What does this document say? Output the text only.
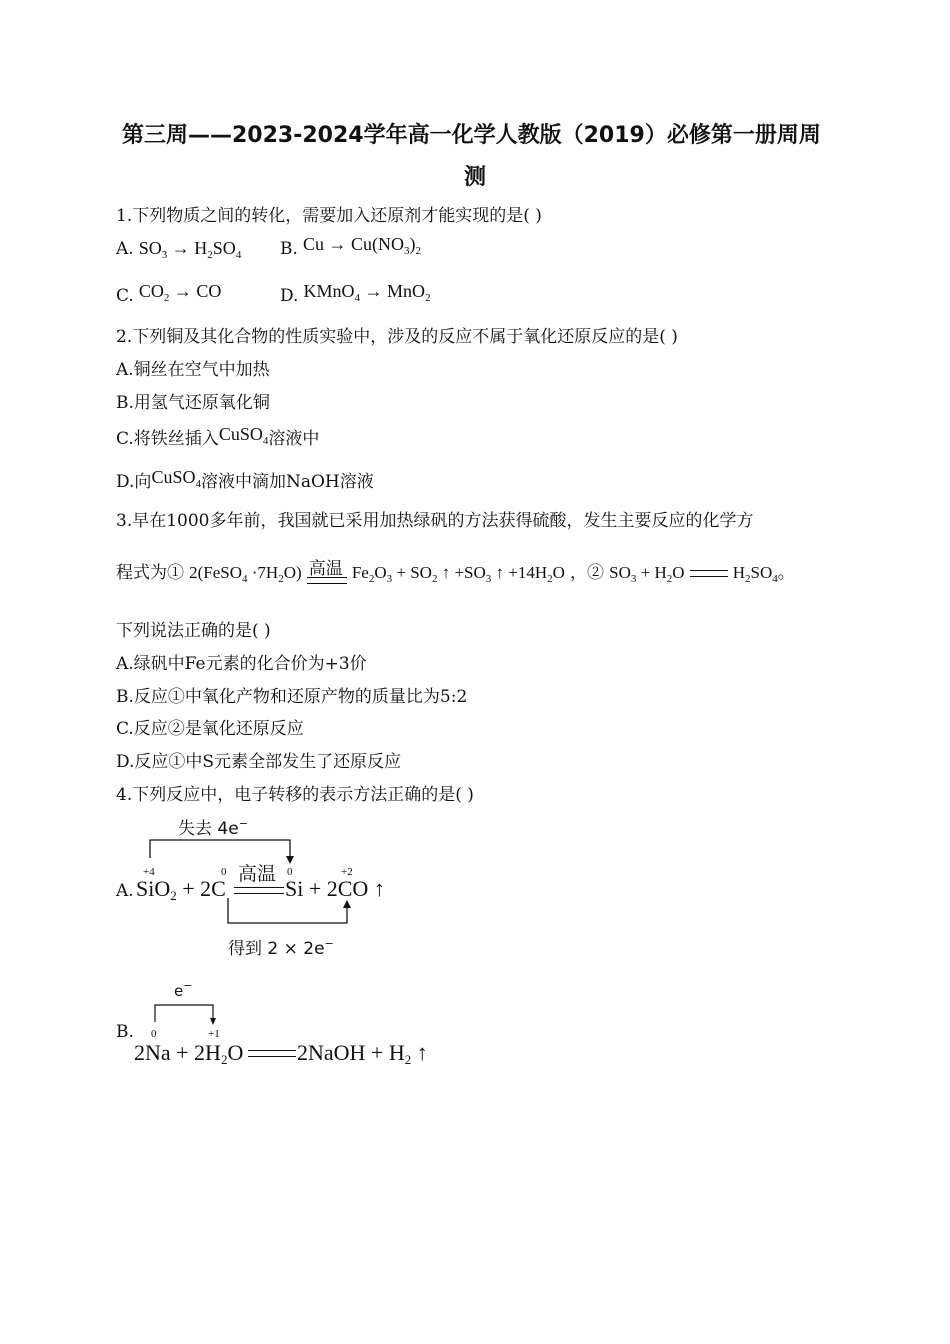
第三周——2023-2024学年高一化学人教版（2019）必修第一册周周
测
1.下列物质之间的转化，需要加入还原剂才能实现的是( )
A. $SO_3 \to H_2SO_4$ B. $Cu \to Cu(NO_3)_2$
C. $CO_2$ → CO	D. KMnO$_4$ → MnO$_2$
2.下列铜及其化合物的性质实验中，涉及的反应不属于氧化还原反应的是( )
A.铜丝在空气中加热
B.用氢气还原氧化铜
C.将铁丝插入CuSO$_4$溶液中
D.向CuSO$_4$溶液中滴加NaOH溶液
3.早在1000多年前，我国就已采用加热绿矾的方法获得硫酸，发生主要反应的化学方
程式为① 2(FeSO$_4$ $\cdot 7H_2O$) 高温 $Fe_2O_3 + SO_2$ ↑ $+SO_3$ ↑ $+14H_2O$ ，② $SO_3 + H_2O$	$H_2SO_4$。
下列说法正确的是( )
A.绿矾中Fe元素的化合价为+3价
B.反应①中氧化产物和还原产物的质量比为5:2
C.反应②是氧化还原反应
D.反应①中S元素全部发生了还原反应
4.下列反应中，电子转移的表示方法正确的是( )
A.
失去 4e−
+4	0	0	+2
SiO$_2$ + 2C
高温
Si + 2CO ↑
得到 2 × 2e−
B.
e−
0	+1
$2Na + 2H_2O$ 2NaOH + $H_2$ ↑
